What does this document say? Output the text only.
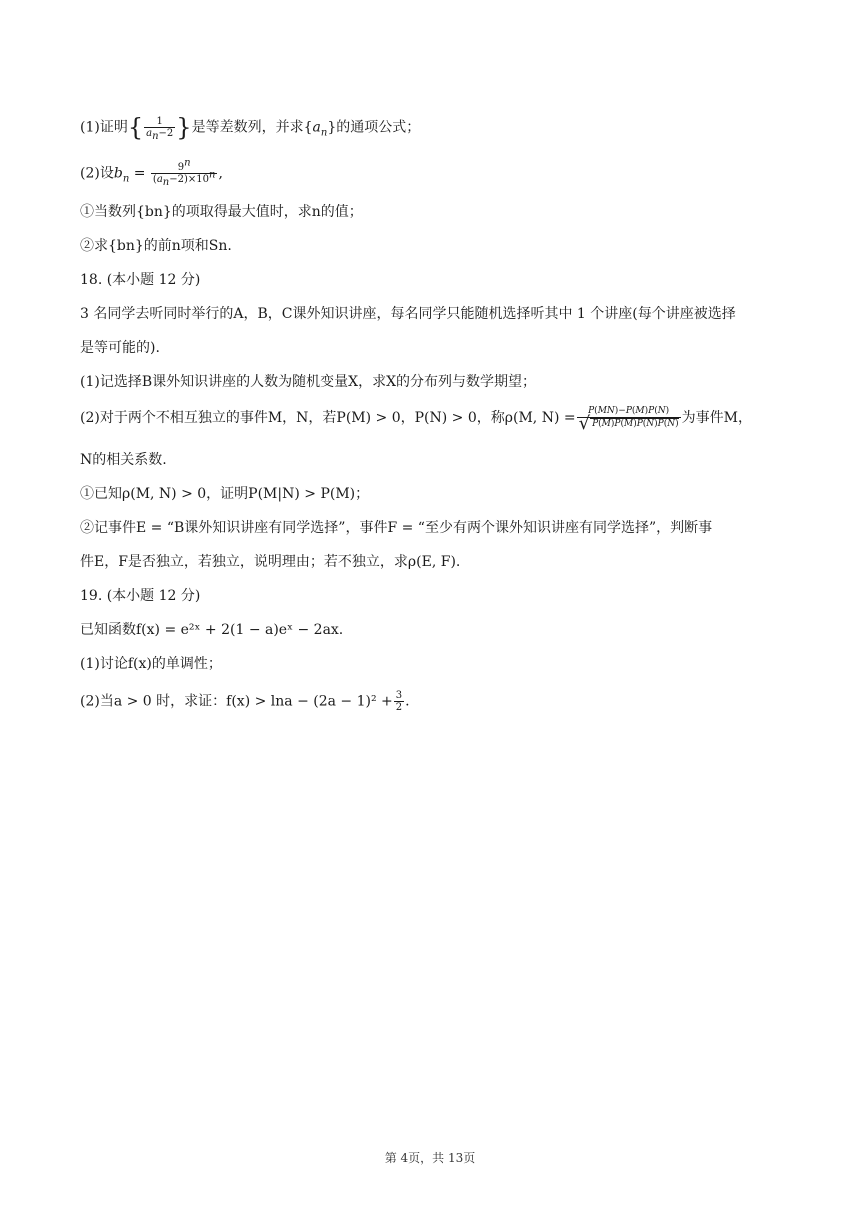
(1)证明{ $\frac{1}{a_n-2}$ }是等差数列，并求$\{a_n\}$的通项公式；
(2)设$b_n = \frac{9^n}{(a_n-2)\times 10^n}$ ,
①当数列{bn}的项取得最大值时，求n的值；
②求{bn}的前n项和Sn.
18. (本小题 12 分)
3 名同学去听同时举行的A，B，C课外知识讲座，每名同学只能随机选择听其中 1 个讲座(每个讲座被选择
是等可能的).
(1)记选择B课外知识讲座的人数为随机变量X，求X的分布列与数学期望；
(2)对于两个不相互独立的事件M，N，若P(M) > 0，P(N) > 0，称ρ(M, $N) = \frac{P(MN)-P(M)P(N)}{√ P(M)P(\overline{M})P(N)P(\overline{N})}$ 为事件M，
N的相关系数.
①已知ρ(M, N) > 0，证明P(M|N) > P(M)；
②记事件E = “B课外知识讲座有同学选择”，事件F = “至少有两个课外知识讲座有同学选择”，判断事
件E，F是否独立，若独立，说明理由；若不独立，求ρ(E, F).
19. (本小题 12 分)
已知函数f(x) = e²ˣ + 2(1 − a)eˣ − 2ax.
(1)讨论f(x)的单调性；
(2)当a > 0 时，求证：$f(x) > \ln a - (2a - 1)^2 + \frac{3}{2}$ .
第 4页，共 13页
